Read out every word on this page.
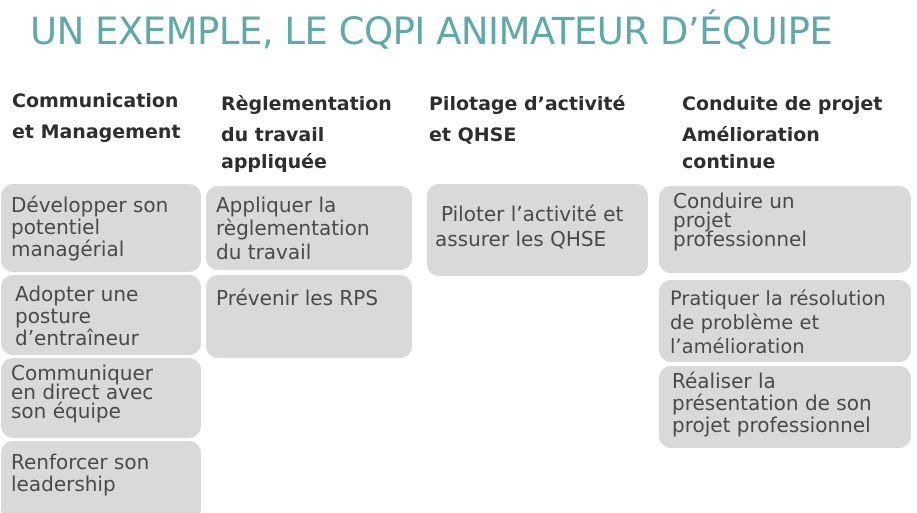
UN EXEMPLE, LE CQPI ANIMATEUR D’ÉQUIPE
Communication
et Management
Règlementation
du travail
appliquée
Pilotage d’activité
et QHSE
Conduite de projet
Amélioration
continue
Développer son
potentiel
managérial
Adopter une
posture
d’entraîneur
Communiquer
en direct avec
son équipe
Renforcer son
leadership
Appliquer la
règlementation
du travail
Prévenir les RPS
Piloter l’activité et
assurer les QHSE
Conduire un
projet
professionnel
Pratiquer la résolution
de problème et
l’amélioration
Réaliser la
présentation de son
projet professionnel
